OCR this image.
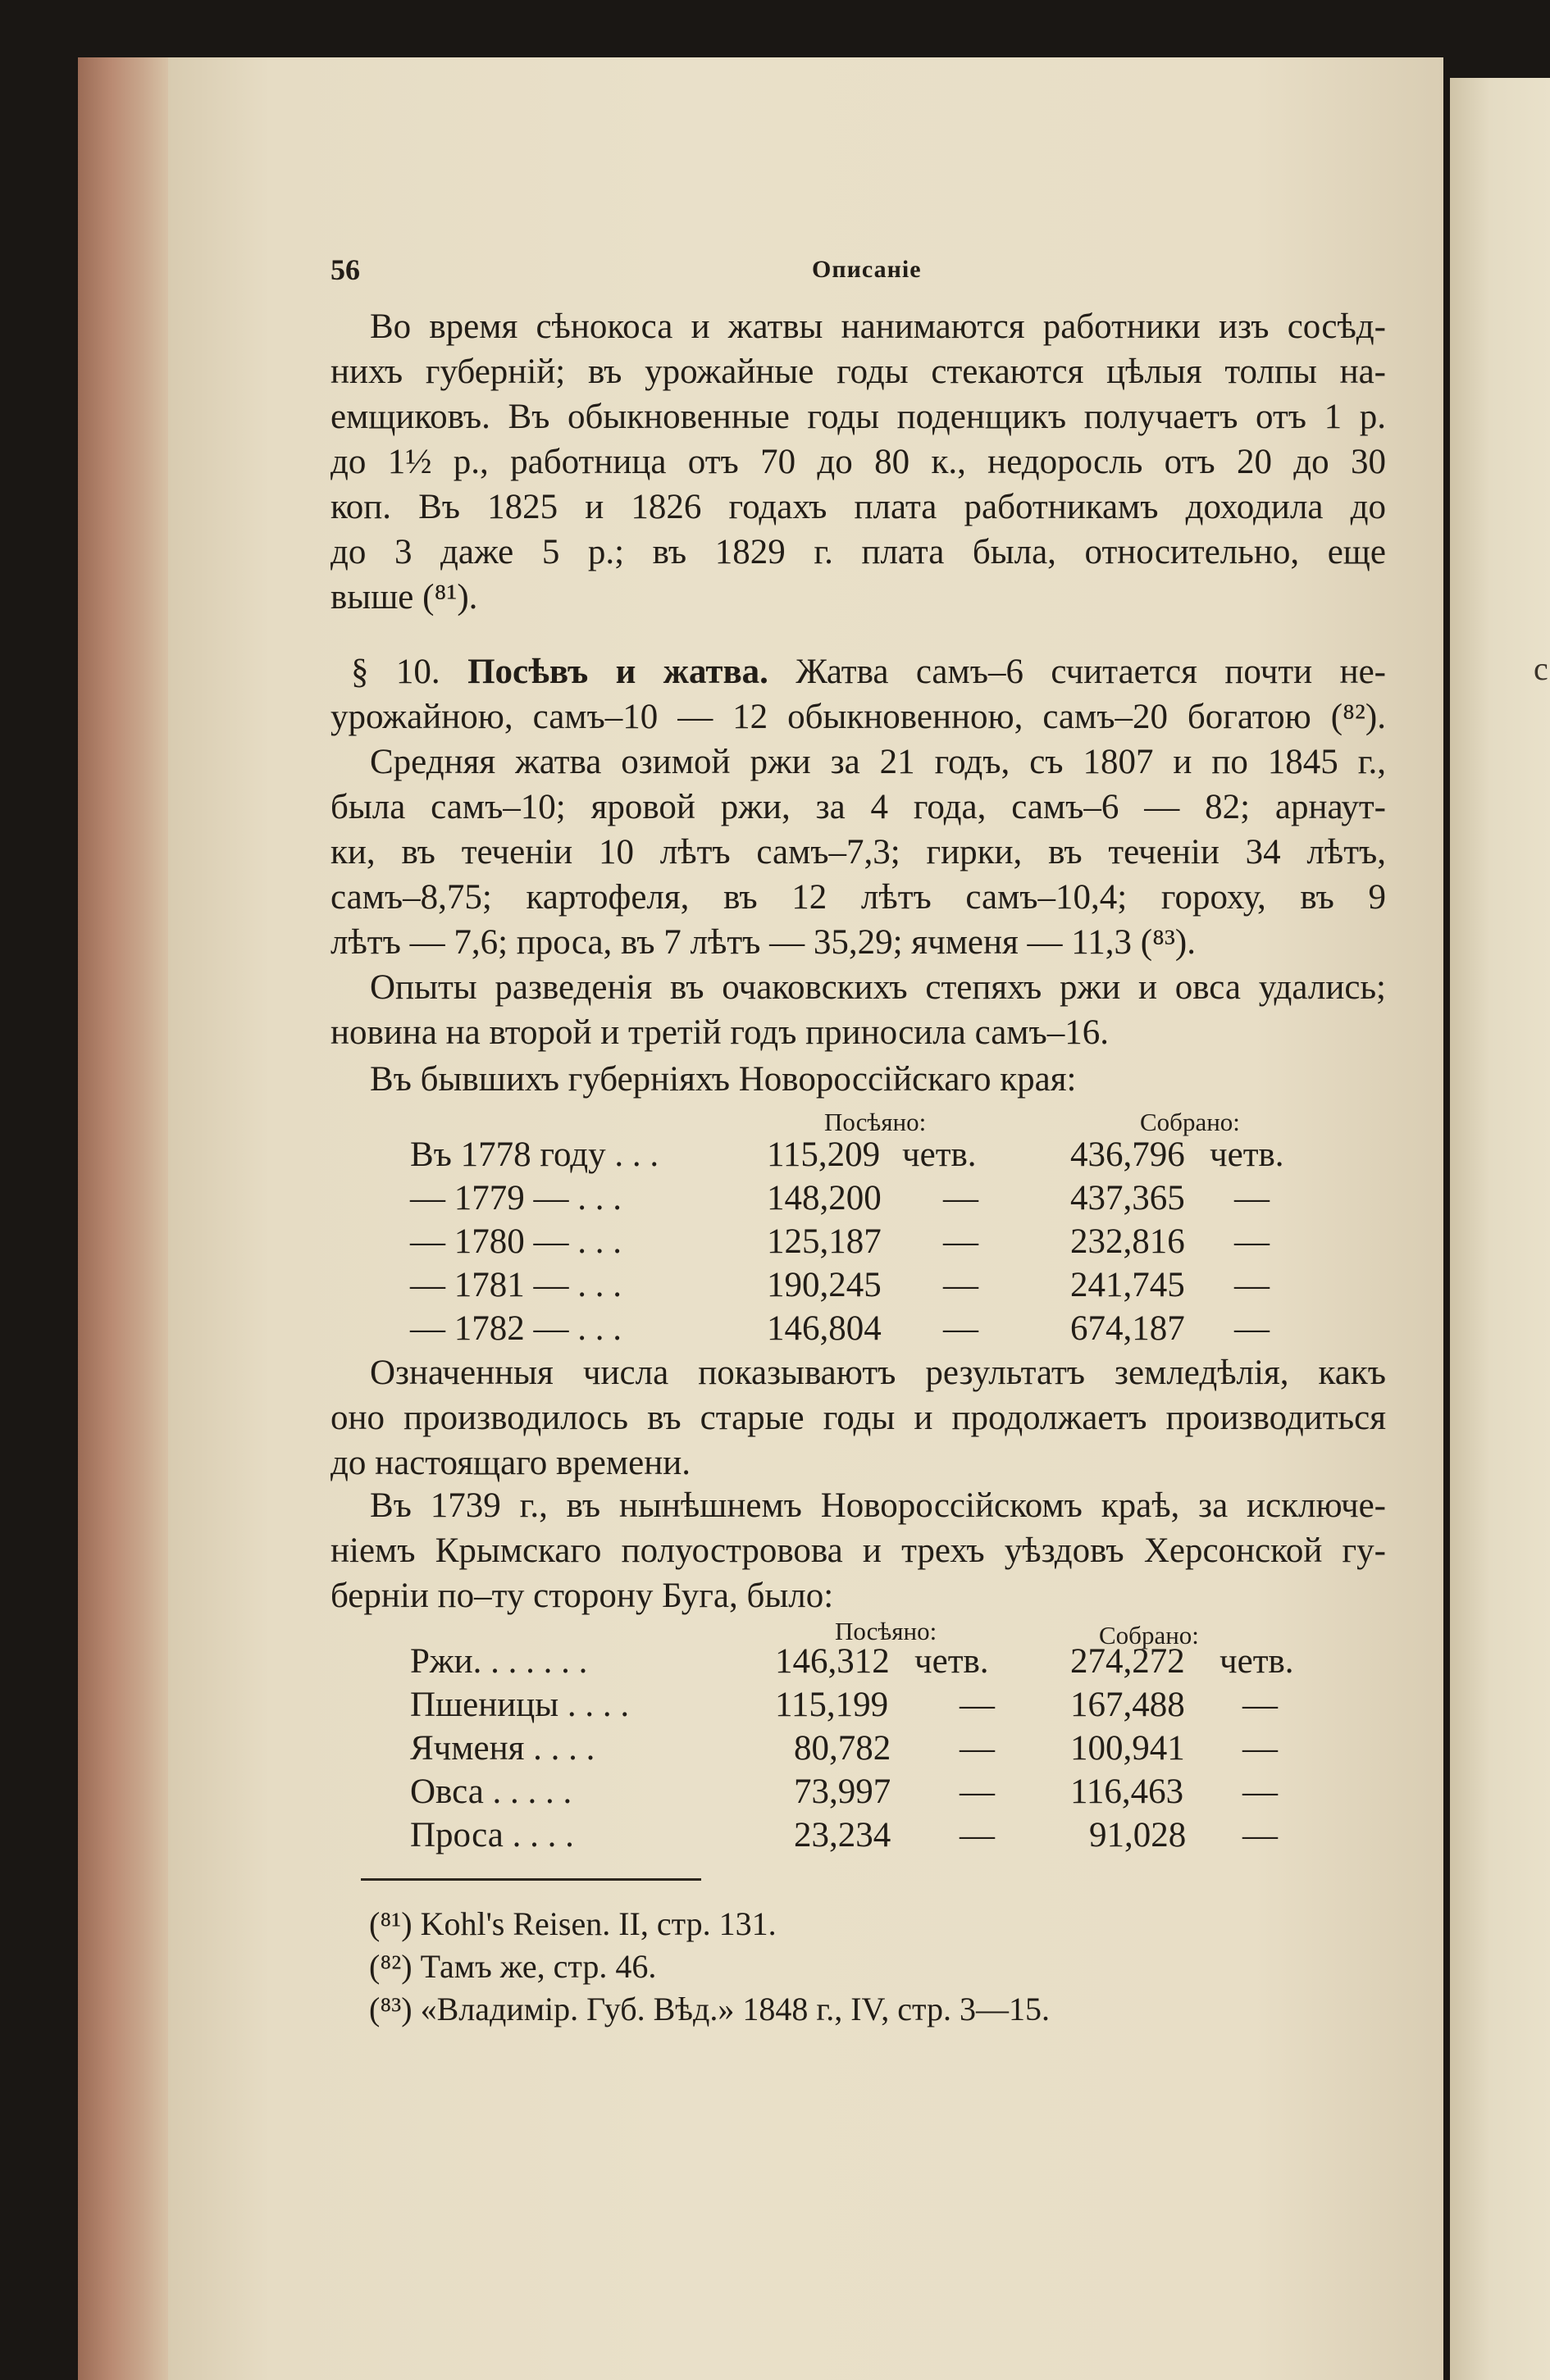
с
56	Описаніе
Во время сѣнокоса и жатвы нанимаются работники изъ сосѣд-
нихъ губерній; въ урожайные годы стекаются цѣлыя толпы на-
емщиковъ. Въ обыкновенные годы поденщикъ получаетъ отъ 1 р.
до 1½ р., работница отъ 70 до 80 к., недоросль отъ 20 до 30
коп. Въ 1825 и 1826 годахъ плата работникамъ доходила до
до 3 даже 5 р.; въ 1829 г. плата была, относительно, еще
выше (⁸¹).
§ 10. Посѣвъ и жатва. Жатва самъ–6 считается почти не-
урожайною, самъ–10 — 12 обыкновенною, самъ–20 богатою (⁸²).
Средняя жатва озимой ржи за 21 годъ, съ 1807 и по 1845 г.,
была самъ–10; яровой ржи, за 4 года, самъ–6 — 82; арнаут-
ки, въ теченіи 10 лѣтъ самъ–7,3; гирки, въ теченіи 34 лѣтъ,
самъ–8,75; картофеля, въ 12 лѣтъ самъ–10,4; гороху, въ 9
лѣтъ — 7,6; проса, въ 7 лѣтъ — 35,29; ячменя — 11,3 (⁸³).
Опыты разведенія въ очаковскихъ степяхъ ржи и овса удались;
новина на второй и третій годъ приносила самъ–16.
Въ бывшихъ губерніяхъ Новороссійскаго края:
Посѣяно:	Собрано:
Въ 1778 году . . .	115,209 четв.	436,796 четв.
— 1779 — . . .	148,200 —	437,365 —
— 1780 — . . .	125,187 —	232,816 —
— 1781 — . . .	190,245 —	241,745 —
— 1782 — . . .	146,804 —	674,187 —
Означенныя числа показываютъ результатъ земледѣлія, какъ
оно производилось въ старые годы и продолжаетъ производиться
до настоящаго времени.
Въ 1739 г., въ нынѣшнемъ Новороссійскомъ краѣ, за исключе-
ніемъ Крымскаго полуостровова и трехъ уѣздовъ Херсонской гу-
берніи по–ту сторону Буга, было:
Посѣяно:	Собрано:
Ржи. . . . . . .	146,312 четв. 274,272 четв.
Пшеницы . . . .	115,199 — 167,488 —
Ячменя . . . .	80,782 — 100,941 —
Овса . . . . .	73,997 — 116,463 —
Проса . . . .	23,234 —	91,028 —
(⁸¹) Kohl's Reisen. II, стр. 131.
(⁸²) Тамъ же, стр. 46.
(⁸³) «Владимір. Губ. Вѣд.» 1848 г., IV, стр. 3—15.
